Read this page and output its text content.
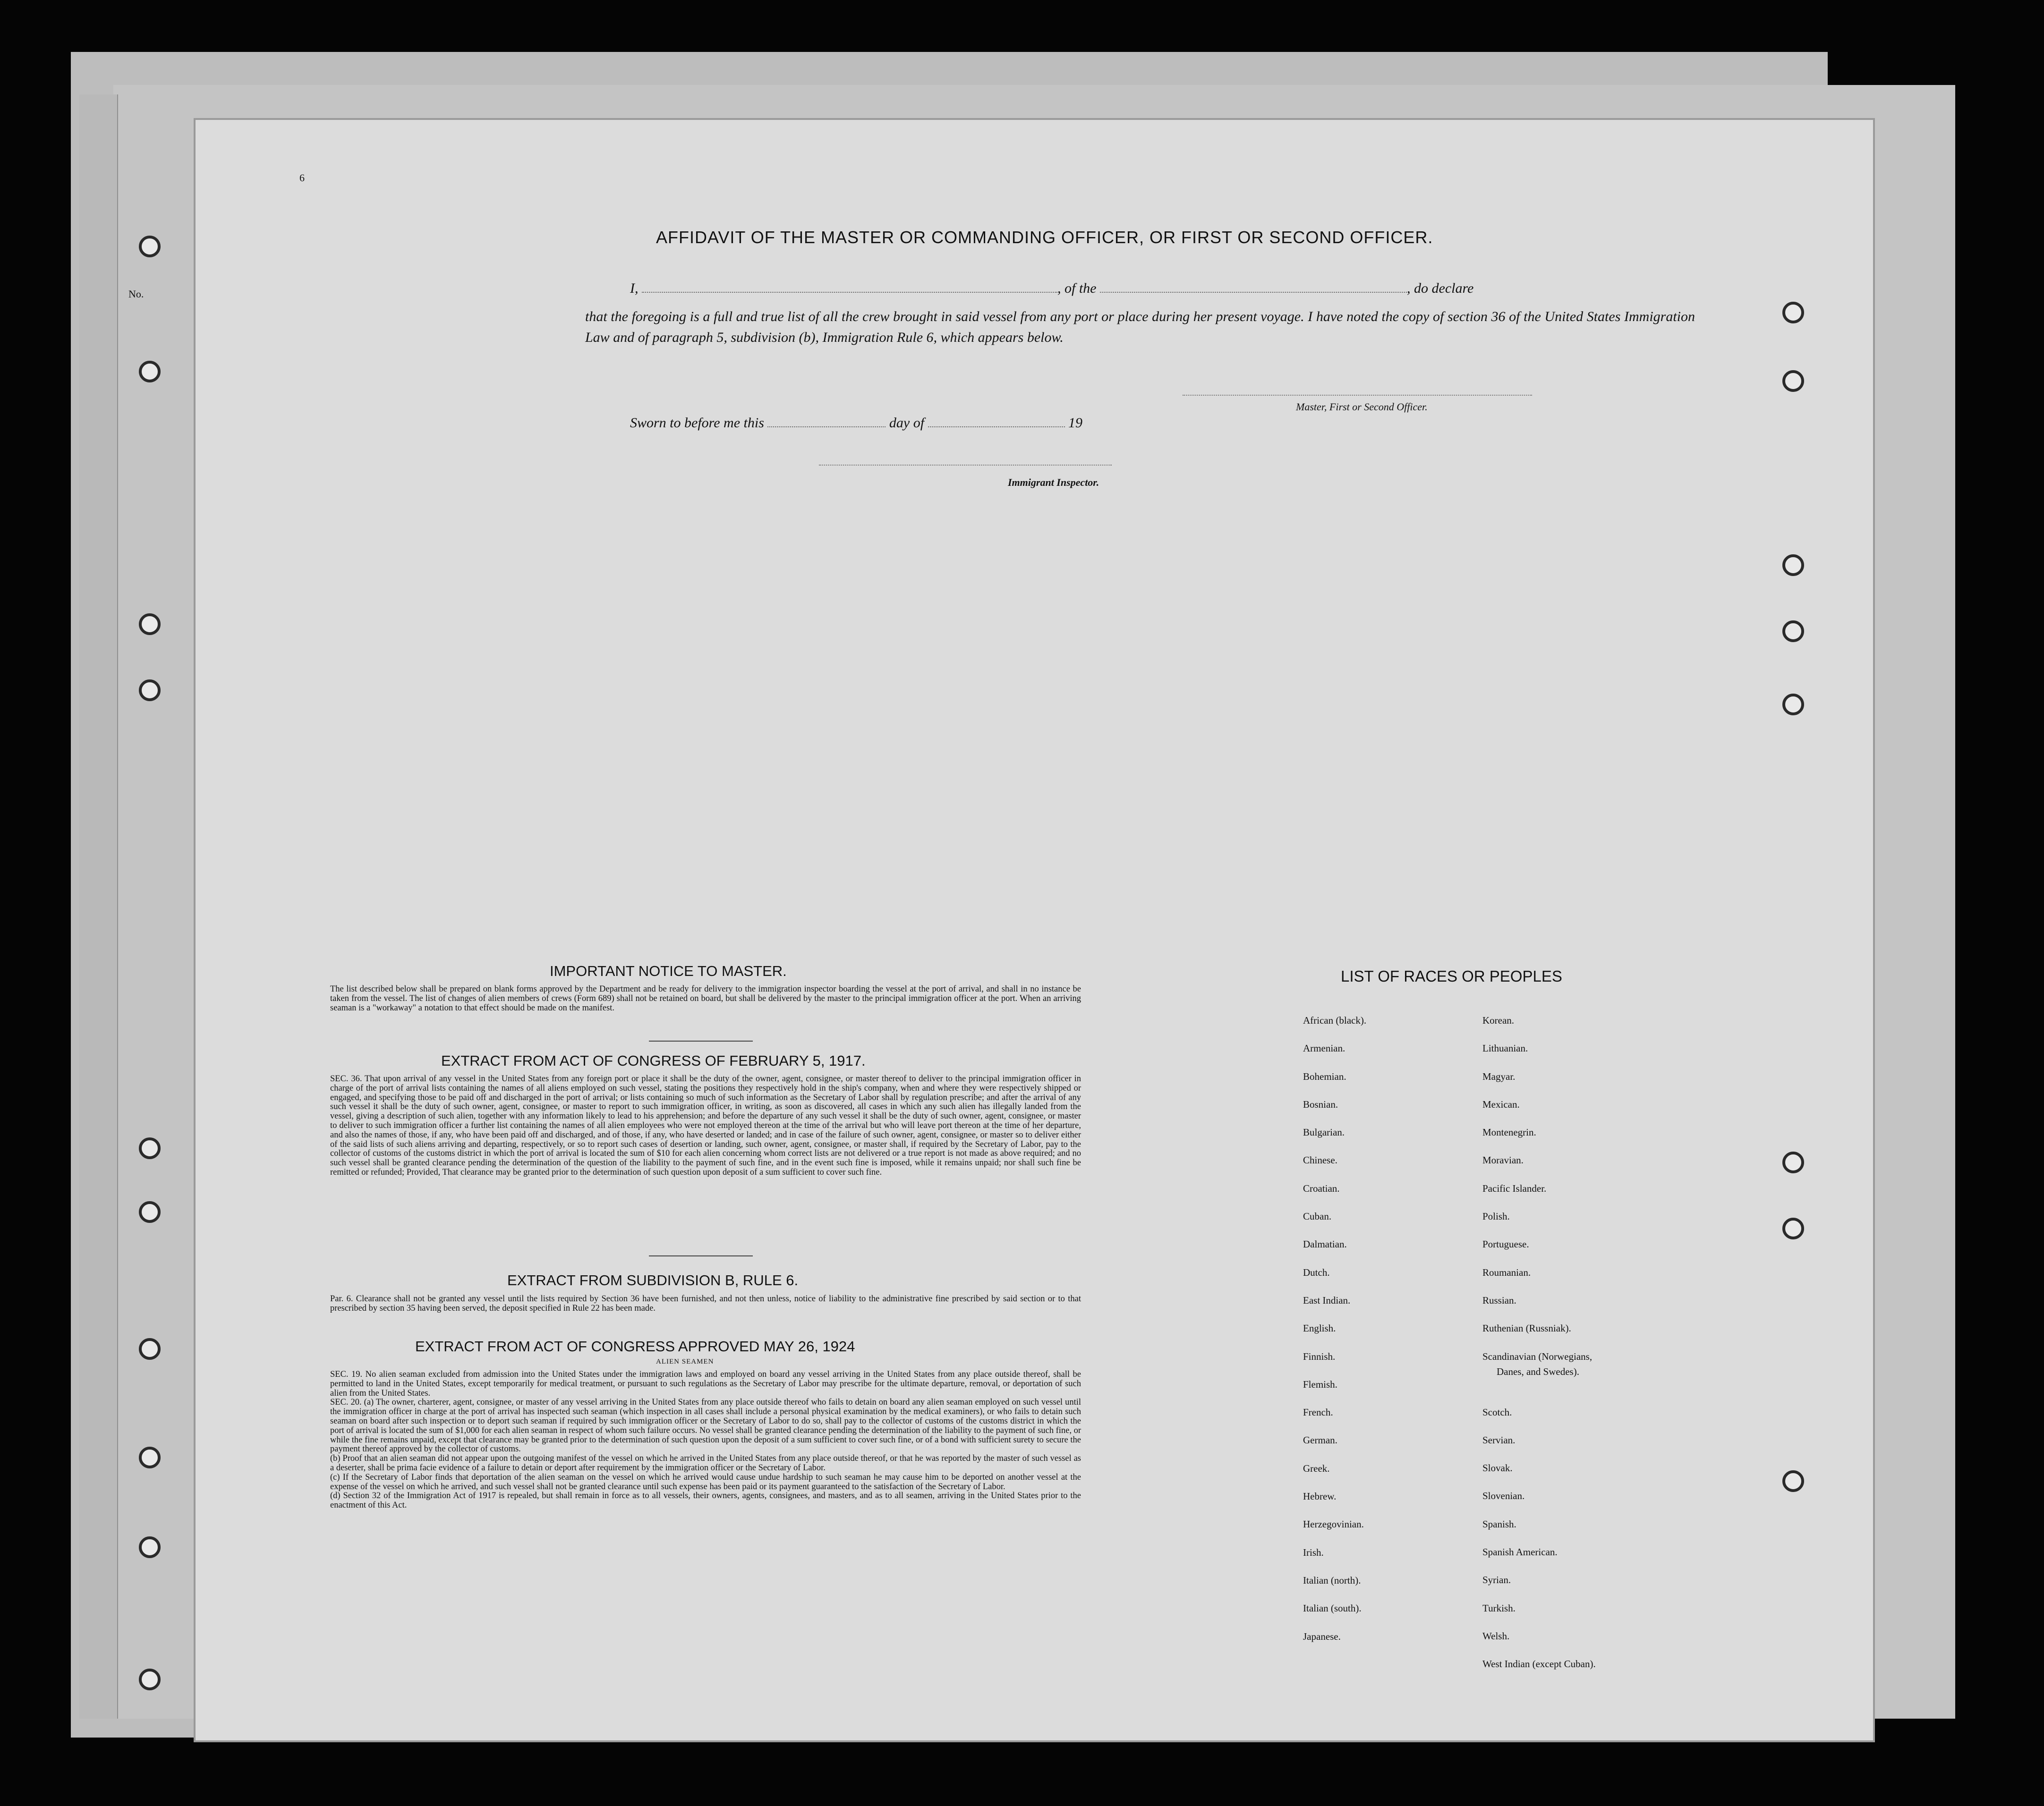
No.
6
AFFIDAVIT OF THE MASTER OR COMMANDING OFFICER, OR FIRST OR SECOND OFFICER.
I,	, of the	, do declare
that the foregoing is a full and true list of all the crew brought in said vessel from any port or place during her present voyage. I have noted the copy of section 36 of the United States Immigration Law and of paragraph 5, subdivision (b), Immigration Rule 6, which appears below.
Master, First or Second Officer.
Sworn to before me this	day of	19
Immigrant Inspector.
IMPORTANT NOTICE TO MASTER.
The list described below shall be prepared on blank forms approved by the Department and be ready for delivery to the immigration inspector boarding the vessel at the port of arrival, and shall in no instance be taken from the vessel. The list of changes of alien members of crews (Form 689) shall not be retained on board, but shall be delivered by the master to the principal immigration officer at the port. When an arriving seaman is a "workaway" a notation to that effect should be made on the manifest.
EXTRACT FROM ACT OF CONGRESS OF FEBRUARY 5, 1917.
SEC. 36. That upon arrival of any vessel in the United States from any foreign port or place it shall be the duty of the owner, agent, consignee, or master thereof to deliver to the principal immigration officer in charge of the port of arrival lists containing the names of all aliens employed on such vessel, stating the positions they respectively hold in the ship's company, when and where they were respectively shipped or engaged, and specifying those to be paid off and discharged in the port of arrival; or lists containing so much of such information as the Secretary of Labor shall by regulation prescribe; and after the arrival of any such vessel it shall be the duty of such owner, agent, consignee, or master to report to such immigration officer, in writing, as soon as discovered, all cases in which any such alien has illegally landed from the vessel, giving a description of such alien, together with any information likely to lead to his apprehension; and before the departure of any such vessel it shall be the duty of such owner, agent, consignee, or master to deliver to such immigration officer a further list containing the names of all alien employees who were not employed thereon at the time of the arrival but who will leave port thereon at the time of her departure, and also the names of those, if any, who have been paid off and discharged, and of those, if any, who have deserted or landed; and in case of the failure of such owner, agent, consignee, or master so to deliver either of the said lists of such aliens arriving and departing, respectively, or so to report such cases of desertion or landing, such owner, agent, consignee, or master shall, if required by the Secretary of Labor, pay to the collector of customs of the customs district in which the port of arrival is located the sum of $10 for each alien concerning whom correct lists are not delivered or a true report is not made as above required; and no such vessel shall be granted clearance pending the determination of the question of the liability to the payment of such fine, and in the event such fine is imposed, while it remains unpaid; nor shall such fine be remitted or refunded; Provided, That clearance may be granted prior to the determination of such question upon deposit of a sum sufficient to cover such fine.
EXTRACT FROM SUBDIVISION B, RULE 6.
Par. 6. Clearance shall not be granted any vessel until the lists required by Section 36 have been furnished, and not then unless, notice of liability to the administrative fine prescribed by said section or to that prescribed by section 35 having been served, the deposit specified in Rule 22 has been made.
EXTRACT FROM ACT OF CONGRESS APPROVED MAY 26, 1924
ALIEN SEAMEN
SEC. 19. No alien seaman excluded from admission into the United States under the immigration laws and employed on board any vessel arriving in the United States from any place outside thereof, shall be permitted to land in the United States, except temporarily for medical treatment, or pursuant to such regulations as the Secretary of Labor may prescribe for the ultimate departure, removal, or deportation of such alien from the United States.
SEC. 20. (a) The owner, charterer, agent, consignee, or master of any vessel arriving in the United States from any place outside thereof who fails to detain on board any alien seaman employed on such vessel until the immigration officer in charge at the port of arrival has inspected such seaman (which inspection in all cases shall include a personal physical examination by the medical examiners), or who fails to detain such seaman on board after such inspection or to deport such seaman if required by such immigration officer or the Secretary of Labor to do so, shall pay to the collector of customs of the customs district in which the port of arrival is located the sum of $1,000 for each alien seaman in respect of whom such failure occurs. No vessel shall be granted clearance pending the determination of the liability to the payment of such fine, or while the fine remains unpaid, except that clearance may be granted prior to the determination of such question upon the deposit of a sum sufficient to cover such fine, or of a bond with sufficient surety to secure the payment thereof approved by the collector of customs.
(b) Proof that an alien seaman did not appear upon the outgoing manifest of the vessel on which he arrived in the United States from any place outside thereof, or that he was reported by the master of such vessel as a deserter, shall be prima facie evidence of a failure to detain or deport after requirement by the immigration officer or the Secretary of Labor.
(c) If the Secretary of Labor finds that deportation of the alien seaman on the vessel on which he arrived would cause undue hardship to such seaman he may cause him to be deported on another vessel at the expense of the vessel on which he arrived, and such vessel shall not be granted clearance until such expense has been paid or its payment guaranteed to the satisfaction of the Secretary of Labor.
(d) Section 32 of the Immigration Act of 1917 is repealed, but shall remain in force as to all vessels, their owners, agents, consignees, and masters, and as to all seamen, arriving in the United States prior to the enactment of this Act.
LIST OF RACES OR PEOPLES
African (black).
Armenian.
Bohemian.
Bosnian.
Bulgarian.
Chinese.
Croatian.
Cuban.
Dalmatian.
Dutch.
East Indian.
English.
Finnish.
Flemish.
French.
German.
Greek.
Hebrew.
Herzegovinian.
Irish.
Italian (north).
Italian (south).
Japanese.
Korean.
Lithuanian.
Magyar.
Mexican.
Montenegrin.
Moravian.
Pacific Islander.
Polish.
Portuguese.
Roumanian.
Russian.
Ruthenian (Russniak).
Scandinavian (Norwegians,
Danes, and Swedes).
Scotch.
Servian.
Slovak.
Slovenian.
Spanish.
Spanish American.
Syrian.
Turkish.
Welsh.
West Indian (except Cuban).
